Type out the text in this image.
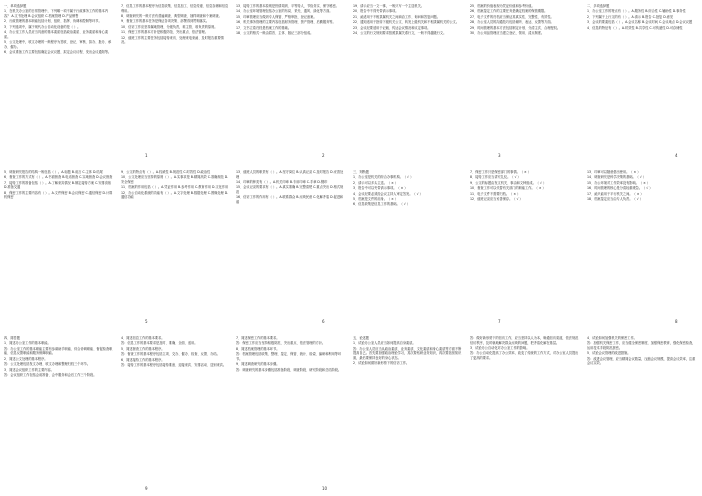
一、单项选择题

1．在机关办公室的日常管理中，下列哪一项不属于行政事务工作的基本内容？ A.文书处理 B.会议组织 C.档案管理 D.产品销售

2．行政管理的基本职能包括计划、组织、指挥、协调和控制等环节。

3．下列选项中，属于现代办公自动化设备的是（ ）。

4．办公室工作人员应当具备的基本素质包括政治素质、业务素质和身心素质。

5．公文处理中，收文办理的一般程序为签收、登记、审核、拟办、批办、承办、催办。

6．会议准备工作主要包括确定会议议题、拟定会议议程、发出会议通知等。

7．信息工作的基本程序为信息收集、信息加工、信息传递、信息存储和信息利用。

8．调查研究的一般方法有普遍调查、典型调查、抽样调查和个案调查。

9．督查工作的基本任务是保证各项决策、部署得到贯彻落实。

10．信访工作应坚持属地管理、分级负责，谁主管、谁负责的原则。

11．保密工作的基本方针是积极防范、突出重点、依法管理。

12．值班工作的主要任务包括接待来访、处理来电来函、及时报告重要情况。

13．接待工作的基本原则是热情周到、平等待人、节俭务实、保守秘密。

14．办公室环境管理包括办公室的布局、采光、通风、绿化等方面。

15．印章管理应当做到专人保管、严格审批、登记备案。

16．机关事务管理的主要内容包括财务管理、资产管理、后勤服务等。

17．文书立卷归档是档案工作的基础。

18．公文的格式一般由眉首、主体、版记三部分组成。

19．请示应当一文一事，一般只写一个主送机关。

20．报告中不得夹带请示事项。

21．函适用于不相隶属机关之间商洽工作、询问和答复问题。

22．通知适用于批转下级机关公文、转发上级机关和不相隶属机关的公文。

23．会议纪要适用于记载、传达会议情况和议定事项。

24．公文的行文规则要求按照隶属关系行文，一般不得越级行文。

25．档案的价值表现为凭证价值和参考价值。

26．档案鉴定工作的主要任务是确定档案的保管期限。

27．电子文件的归档应当保证其真实性、完整性、有效性。

28．办公室人员的沟通技巧包括倾听、表达、反馈等方面。

29．时间管理的基本方法包括制定计划、分清主次、合理授权。

30．办公用品管理应当建立登记、领用、清点制度。

二、多项选择题

1．办公室工作的特点有（ ）。A.服务性 B.综合性 C.辅助性 D.事务性

2．下列属于上行文的有（ ）。A.请示 B.报告 C.批复 D.意见

3．会议的要素包括（ ）。A.会议名称 B.会议时间 C.会议地点 D.会议议题

4．信息的特征有（ ）。A.时效性 B.共享性 C.可传递性 D.可存储性

5．调查研究报告的结构一般包括（ ）。A.标题 B.前言 C.主体 D.结尾

6．督查工作的方式有（ ）。A.书面督查 B.电话督查 C.实地督查 D.会议督查

7．接待工作的准备包括（ ）。A.了解来宾情况 B.制定接待方案 C.安排食宿 D.准备交通

8．保密工作的主要内容有（ ）。A.文件保密 B.会议保密 C.通信保密 D.计算机保密

9．公文的特点有（ ）。A.权威性 B.规范性 C.时效性 D.政治性

10．公文处理应当坚持的原则（ ）。A.实事求是 B.精简高效 C.准确规范 D.安全保密

11．档案的作用包括（ ）。A.凭证作用 B.参考作用 C.教育作用 D.文化作用

12．办公自动化系统的功能有（ ）。A.文字处理 B.数据处理 C.图像处理 D.通信功能

13．值班人员的职责有（ ）。A.坚守岗位 B.认真记录 C.及时报告 D.妥善处理

14．印章的种类有（ ）。A.机关印章 B.专用印章 C.手章 D.钢印

15．会议记录的要求有（ ）。A.真实准确 B.完整清楚 C.重点突出 D.格式规范

16．信访工作的作用有（ ）。A.联系群众 B.反映民意 C.化解矛盾 D.促进和谐

三、判断题

1．办公室是机关的综合办事机构。（ √ ）

2．请示可以多头主送。（ × ）

3．报告中可以夹带请示事项。（ × ）

4．会议纪要必须经会议主持人审定签发。（ √ ）

5．档案是文件的前身。（ × ）

6．信息收集是信息工作的基础。（ √ ）

7．保密工作只是保密部门的事情。（ × ）

8．接待工作应当讲究礼仪。（ √ ）

9．公文的标题由发文机关、事由和文种组成。（ √ ）

10．督查工作可以代替有关部门的职能工作。（ × ）

11．电子文件不需要归档。（ × ）

12．值班记录应当妥善保存。（ √ ）

13．印章可以随意借出使用。（ × ）

14．调查研究是科学决策的基础。（ √ ）

15．办公环境对工作效率没有影响。（ × ）

16．时间管理的核心是分清轻重缓急。（ √ ）

17．函只能用于平行机关之间。（ × ）

18．档案鉴定应当由专人负责。（ √ ）

四、简答题

1．简述办公室工作的基本职能。

答：办公室工作的基本职能主要有参谋助手职能、综合协调职能、督促检查职能、信息反馈职能和服务保障职能。

2．简述公文处理的基本程序。

答：公文处理包括发文办理、收文办理和整理归档三个环节。

3．简述会议组织工作的主要内容。

答：会议组织工作包括会前准备、会中服务和会后工作三个阶段。

4．简述信息工作的基本要求。

答：信息工作的基本要求是及时、准确、全面、适用。

5．简述督查工作的基本程序。

答：督查工作的基本程序包括立项、交办、催办、检查、反馈、办结。

6．简述接待工作的基本程序。

答：接待工作的基本程序包括接待准备、迎接来宾、安排活动、送别来宾。

7．简述保密工作的基本要求。

答：保密工作应当坚持积极防范、突出重点、依法管理的方针。

8．简述档案管理的基本环节。

答：档案管理包括收集、整理、鉴定、保管、统计、检索、编研和利用等环节。

9．简述调查研究的基本步骤。

答：调查研究的基本步骤包括准备阶段、调查阶段、研究阶段和总结阶段。

五、论述题

1．试论办公室人员应当如何提高自身素质。

答：办公室人员应当从政治素质、业务素质、文化素质和身心素质等方面不断提高自己。首先要加强政治理论学习，其次要钻研业务知识，再次要拓宽知识面，最后要保持良好的身心状态。

2．试论如何做好新形势下的信访工作。

答：做好新形势下的信访工作，应当坚持以人为本，畅通信访渠道，依法规范信访秩序，及时就地解决群众反映的问题，把矛盾化解在基层。

3．试论办公自动化对办公室工作的影响。

答：办公自动化提高了办公效率，改变了传统的工作方式，对办公室人员提出了更高的要求。

4．试论如何加强机关的保密工作。

答：加强机关保密工作，应当健全保密制度，加强保密教育，强化保密检查，运用技术手段防范泄密。

5．试论会议管理的改进措施。

答：改进会议管理，应当精简会议数量，压缩会议规模，提高会议效率，注重会议实效。

1	2	3	4
5	6	7	8
9	10
